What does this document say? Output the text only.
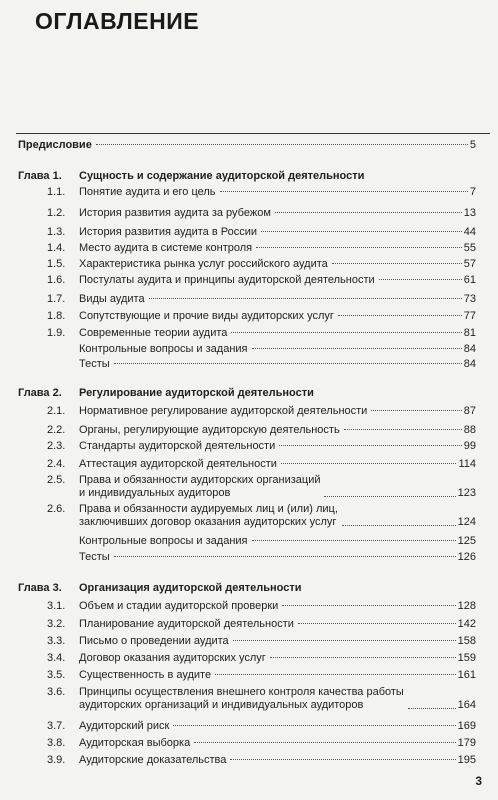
ОГЛАВЛЕНИЕ
Предисловие	5
Глава 1.	Сущность и содержание аудиторской деятельности
1.1.	Понятие аудита и его цель	7
1.2.	История развития аудита за рубежом	13
1.3.	История развития аудита в России	44
1.4.	Место аудита в системе контроля	55
1.5.	Характеристика рынка услуг российского аудита	57
1.6.	Постулаты аудита и принципы аудиторской деятельности	61
1.7.	Виды аудита	73
1.8.	Сопутствующие и прочие виды аудиторских услуг	77
1.9.	Современные теории аудита	81
Контрольные вопросы и задания	84
Тесты	84
Глава 2.	Регулирование аудиторской деятельности
2.1.	Нормативное регулирование аудиторской деятельности	87
2.2.	Органы, регулирующие аудиторскую деятельность	88
2.3.	Стандарты аудиторской деятельности	99
2.4.	Аттестация аудиторской деятельности	114
2.5.	Права и обязанности аудиторских организаций
и индивидуальных аудиторов	123
2.6.	Права и обязанности аудируемых лиц и (или) лиц,
заключивших договор оказания аудиторских услуг	124
Контрольные вопросы и задания	125
Тесты	126
Глава 3.	Организация аудиторской деятельности
3.1.	Объем и стадии аудиторской проверки	128
3.2.	Планирование аудиторской деятельности	142
3.3.	Письмо о проведении аудита	158
3.4.	Договор оказания аудиторских услуг	159
3.5.	Существенность в аудите	161
3.6.	Принципы осуществления внешнего контроля качества работы
аудиторских организаций и индивидуальных аудиторов	164
3.7.	Аудиторский риск	169
3.8.	Аудиторская выборка	179
3.9.	Аудиторские доказательства	195
3
